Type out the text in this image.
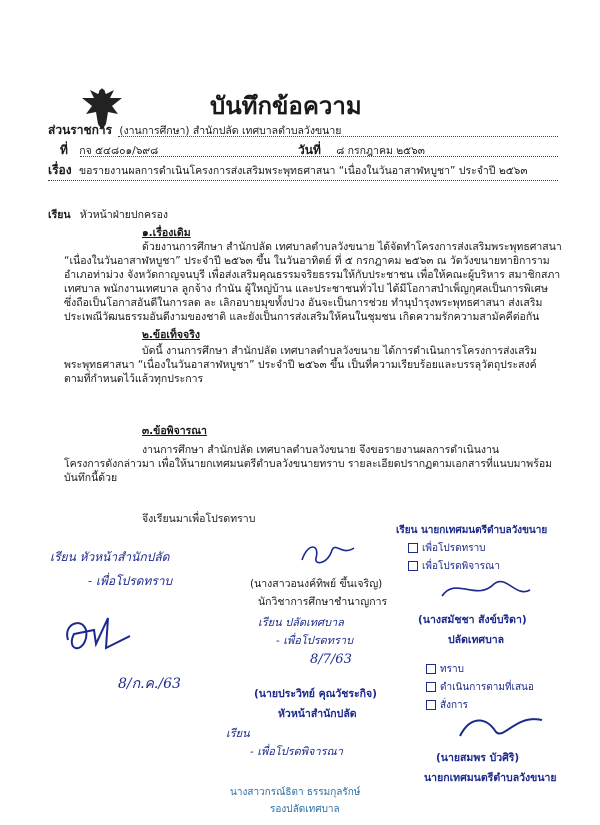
บันทึกข้อความ
ส่วนราชการ (งานการศึกษา) สำนักปลัด เทศบาลตำบลวังขนาย
ที่ กจ ๕๔๘๐๑/๖๙๘	วันที่ ๘ กรกฎาคม ๒๕๖๓
เรื่อง ขอรายงานผลการดำเนินโครงการส่งเสริมพระพุทธศาสนา “เนื่องในวันอาสาฬหบูชา” ประจำปี ๒๕๖๓
เรียน หัวหน้าฝ่ายปกครอง
๑.เรื่องเดิม
ด้วยงานการศึกษา สำนักปลัด เทศบาลตำบลวังขนาย ได้จัดทำโครงการส่งเสริมพระพุทธศาสนา
“เนื่องในวันอาสาฬหบูชา” ประจำปี ๒๕๖๓ ขึ้น ในวันอาทิตย์ ที่ ๕ กรกฎาคม ๒๕๖๓ ณ วัดวังขนายทายิการาม
อำเภอท่าม่วง จังหวัดกาญจนบุรี เพื่อส่งเสริมคุณธรรมจริยธรรมให้กับประชาชน เพื่อให้คณะผู้บริหาร สมาชิกสภา
เทศบาล พนักงานเทศบาล ลูกจ้าง กำนัน ผู้ใหญ่บ้าน และประชาชนทั่วไป ได้มีโอกาสบำเพ็ญกุศลเป็นการพิเศษ
ซึ่งถือเป็นโอกาสอันดีในการลด ละ เลิกอบายมุขทั้งปวง อันจะเป็นการช่วย ทำนุบำรุงพระพุทธศาสนา ส่งเสริม
ประเพณีวัฒนธรรมอันดีงามของชาติ และยังเป็นการส่งเสริมให้คนในชุมชน เกิดความรักความสามัคคีต่อกัน
๒.ข้อเท็จจริง
บัดนี้ งานการศึกษา สำนักปลัด เทศบาลตำบลวังขนาย ได้การดำเนินการโครงการส่งเสริม
พระพุทธศาสนา “เนื่องในวันอาสาฬหบูชา” ประจำปี ๒๕๖๓ ขึ้น เป็นที่ความเรียบร้อยและบรรลุวัตถุประสงค์
ตามที่กำหนดไว้แล้วทุกประการ
๓.ข้อพิจารณา
งานการศึกษา สำนักปลัด เทศบาลตำบลวังขนาย จึงขอรายงานผลการดำเนินงาน
โครงการดังกล่าวมา เพื่อให้นายกเทศมนตรีตำบลวังขนายทราบ รายละเอียดปรากฏตามเอกสารที่แนบมาพร้อม
บันทึกนี้ด้วย
จึงเรียนมาเพื่อโปรดทราบ
เรียน หัวหน้าสำนักปลัด
- เพื่อโปรดทราบ
8/ก.ค./63
(นางสาวอนงค์ทิพย์ ขึ้นเจริญ)
นักวิชาการศึกษาชำนาญการ
เรียน ปลัดเทศบาล
- เพื่อโปรดทราบ
8/7/63
(นายประวิทย์ คุณวัชระกิจ)
หัวหน้าสำนักปลัด
เรียน
- เพื่อโปรดพิจารณา
นางสาวกรณ์ธิตา ธรรมกุลรักษ์
รองปลัดเทศบาล
เรียน นายกเทศมนตรีตำบลวังขนาย
เพื่อโปรดทราบ
เพื่อโปรดพิจารณา
(นางสมัชชา สังข์บริดา)
ปลัดเทศบาล
ทราบ
ดำเนินการตามที่เสนอ
สั่งการ
(นายสมพร บัวศิริ)
นายกเทศมนตรีตำบลวังขนาย
